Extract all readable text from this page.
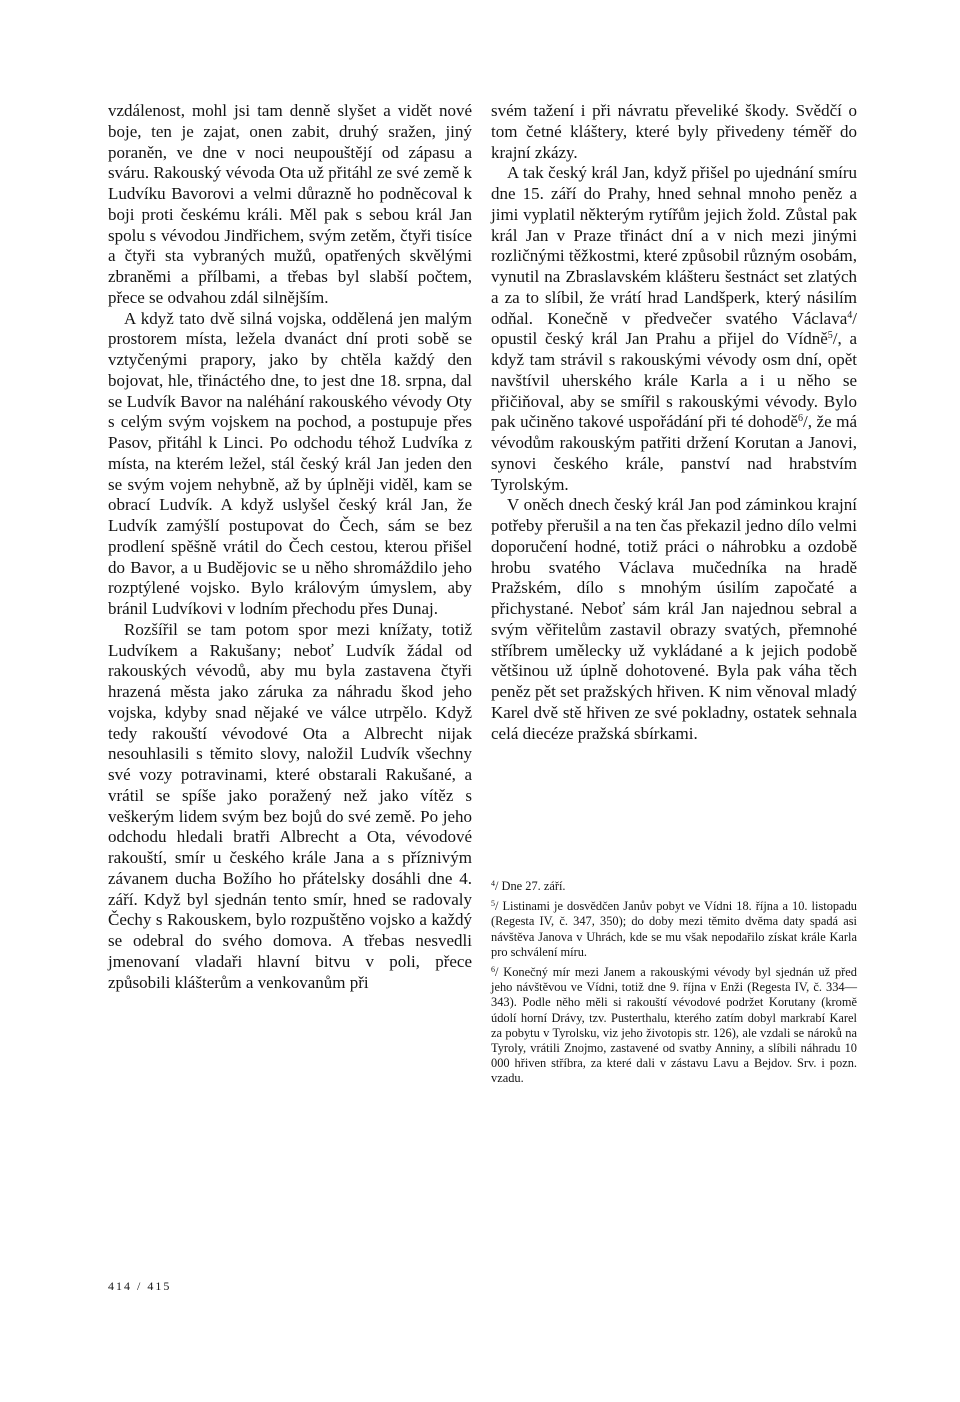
vzdálenost, mohl jsi tam denně slyšet a vidět nové boje, ten je zajat, onen zabit, druhý sražen, jiný poraněn, ve dne v noci neupouštějí od zápasu a sváru. Rakouský vévoda Ota už přitáhl ze své země k Ludvíku Bavorovi a velmi důrazně ho podněcoval k boji proti českému králi. Měl pak s sebou král Jan spolu s vévodou Jindřichem, svým zetěm, čtyři tisíce a čtyři sta vybraných mužů, opatřených skvělými zbraněmi a přílbami, a třebas byl slabší počtem, přece se odvahou zdál silnějším.

A když tato dvě silná vojska, oddělená jen malým prostorem místa, ležela dvanáct dní proti sobě se vztyčenými prapory, jako by chtěla každý den bojovat, hle, třináctého dne, to jest dne 18. srpna, dal se Ludvík Bavor na naléhání rakouského vévody Oty s celým svým vojskem na pochod, a postupuje přes Pasov, přitáhl k Linci. Po odchodu téhož Ludvíka z místa, na kterém ležel, stál český král Jan jeden den se svým vojem nehybně, až by úplněji viděl, kam se obrací Ludvík. A když uslyšel český král Jan, že Ludvík zamýšlí postupovat do Čech, sám se bez prodlení spěšně vrátil do Čech cestou, kterou přišel do Bavor, a u Budějovic se u něho shromáždilo jeho rozptýlené vojsko. Bylo královým úmyslem, aby bránil Ludvíkovi v lodním přechodu přes Dunaj.

Rozšířil se tam potom spor mezi knížaty, totiž Ludvíkem a Rakušany; neboť Ludvík žádal od rakouských vévodů, aby mu byla zastavena čtyři hrazená města jako záruka za náhradu škod jeho vojska, kdyby snad nějaké ve válce utrpělo. Když tedy rakouští vévodové Ota a Albrecht nijak nesouhlasili s těmito slovy, naložil Ludvík všechny své vozy potravinami, které obstarali Rakušané, a vrátil se spíše jako poražený než jako vítěz s veškerým lidem svým bez bojů do své země. Po jeho odchodu hledali bratři Albrecht a Ota, vévodové rakouští, smír u českého krále Jana a s příznivým závanem ducha Božího ho přátelsky dosáhli dne 4. září. Když byl sjednán tento smír, hned se radovaly Čechy s Rakouskem, bylo rozpuštěno vojsko a každý se odebral do svého domova. A třebas nesvedli jmenovaní vladaři hlavní bitvu v poli, přece způsobili klášterům a venkovanům při

svém tažení i při návratu převeliké škody. Svědčí o tom četné kláštery, které byly přivedeny téměř do krajní zkázy.

A tak český král Jan, když přišel po ujednání smíru dne 15. září do Prahy, hned sehnal mnoho peněz a jimi vyplatil některým rytířům jejich žold. Zůstal pak král Jan v Praze třináct dní a v nich mezi jinými rozličnými těžkostmi, které způsobil různým osobám, vynutil na Zbraslavském klášteru šestnáct set zlatých a za to slíbil, že vrátí hrad Landšperk, který násilím odňal. Konečně v předvečer svatého Václava$^4$/ opustil český král Jan Prahu a přijel do Vídně$^5$/, a když tam strávil s rakouskými vévody osm dní, opět navštívil uherského krále Karla a i u něho se přičiňoval, aby se smířil s rakouskými vévody. Bylo pak učiněno takové uspořádání při té dohodě$^6$/, že má vévodům rakouským patřiti držení Korutan a Janovi, synovi českého krále, panství nad hrabstvím Tyrolským.

V oněch dnech český král Jan pod záminkou krajní potřeby přerušil a na ten čas překazil jedno dílo velmi doporučení hodné, totiž práci o náhrobku a ozdobě hrobu svatého Václava mučedníka na hradě Pražském, dílo s mnohým úsilím započaté a přichystané. Neboť sám král Jan najednou sebral a svým věřitelům zastavil obrazy svatých, přemnohé stříbrem umělecky už vykládané a k jejich podobě většinou už úplně dohotovené. Byla pak váha těch peněz pět set pražských hřiven. K nim věnoval mladý Karel dvě stě hřiven ze své pokladny, ostatek sehnala celá diecéze pražská sbírkami.

$^4$/ Dne 27. září.

$^5$/ Listinami je dosvědčen Janův pobyt ve Vídni 18. října a 10. listopadu (Regesta IV, č. 347, 350); do doby mezi těmito dvěma daty spadá asi návštěva Janova v Uhrách, kde se mu však nepodařilo získat krále Karla pro schválení míru.

$^6$/ Konečný mír mezi Janem a rakouskými vévody byl sjednán už před jeho návštěvou ve Vídni, totiž dne 9. října v Enži (Regesta IV, č. 334—343). Podle něho měli si rakouští vévodové podržet Korutany (kromě údolí horní Drávy, tzv. Pusterthalu, kterého zatím dobyl markrabí Karel za pobytu v Tyrolsku, viz jeho životopis str. 126), ale vzdali se nároků na Tyroly, vrátili Znojmo, zastavené od svatby Anniny, a slíbili náhradu 10 000 hřiven stříbra, za které dali v zástavu Lavu a Bejdov. Srv. i pozn. vzadu.

414 / 415
